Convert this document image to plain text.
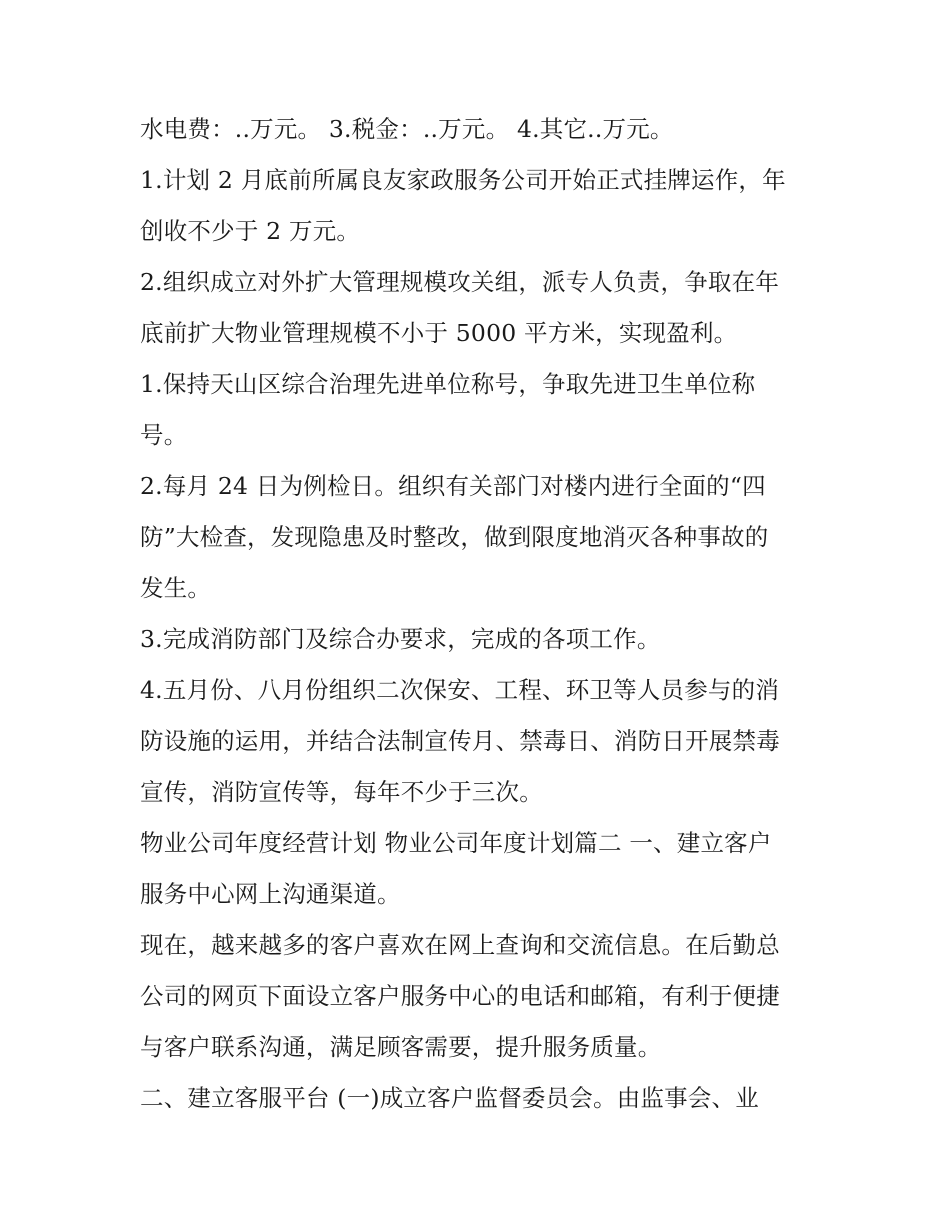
水电费：..万元。 3.税金：..万元。 4.其它..万元。
1.计划 2 月底前所属良友家政服务公司开始正式挂牌运作，年
创收不少于 2 万元。
2.组织成立对外扩大管理规模攻关组，派专人负责，争取在年
底前扩大物业管理规模不小于 5000 平方米，实现盈利。
1.保持天山区综合治理先进单位称号，争取先进卫生单位称
号。
2.每月 24 日为例检日。组织有关部门对楼内进行全面的“四
防”大检查，发现隐患及时整改，做到限度地消灭各种事故的
发生。
3.完成消防部门及综合办要求，完成的各项工作。
4.五月份、八月份组织二次保安、工程、环卫等人员参与的消
防设施的运用，并结合法制宣传月、禁毒日、消防日开展禁毒
宣传，消防宣传等，每年不少于三次。
物业公司年度经营计划 物业公司年度计划篇二 一、建立客户
服务中心网上沟通渠道。
现在，越来越多的客户喜欢在网上查询和交流信息。在后勤总
公司的网页下面设立客户服务中心的电话和邮箱，有利于便捷
与客户联系沟通，满足顾客需要，提升服务质量。
二、建立客服平台 (一)成立客户监督委员会。由监事会、业
